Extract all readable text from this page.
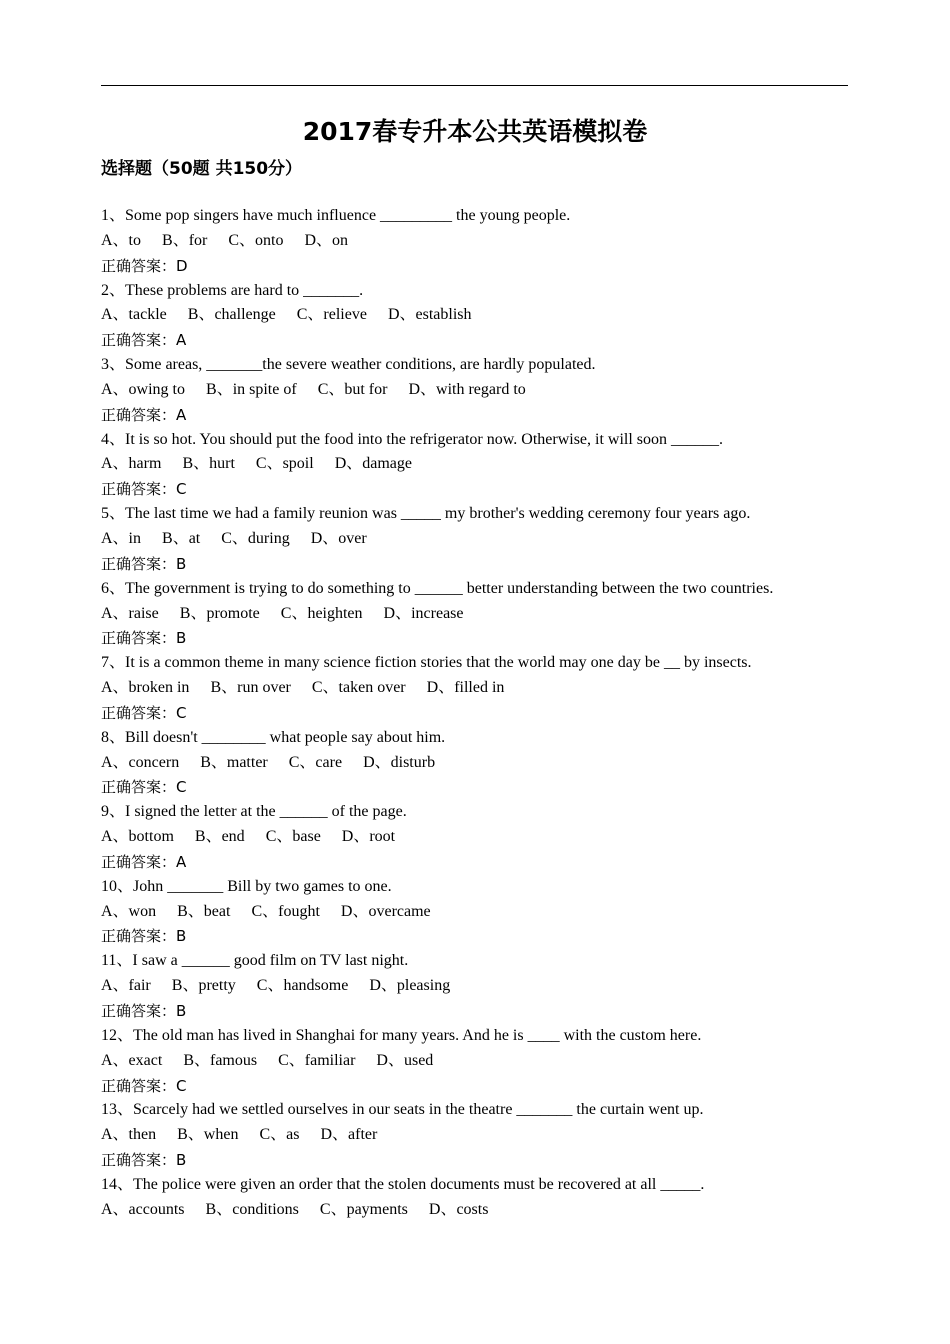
2017春专升本公共英语模拟卷
选择题（50题 共150分）
1、Some pop singers have much influence _________ the young people.
A、to B、for C、onto D、on
正确答案：D
2、These problems are hard to _______.
A、tackle B、challenge C、relieve D、establish
正确答案：A
3、Some areas, _______the severe weather conditions, are hardly populated.
A、owing to B、in spite of C、but for D、with regard to
正确答案：A
4、It is so hot. You should put the food into the refrigerator now. Otherwise, it will soon ______.
A、harm B、hurt C、spoil D、damage
正确答案：C
5、The last time we had a family reunion was _____ my brother's wedding ceremony four years ago.
A、in B、at C、during D、over
正确答案：B
6、The government is trying to do something to ______ better understanding between the two countries.
A、raise B、promote C、heighten D、increase
正确答案：B
7、It is a common theme in many science fiction stories that the world may one day be __ by insects.
A、broken in B、run over C、taken over D、filled in
正确答案：C
8、Bill doesn't ________ what people say about him.
A、concern B、matter C、care D、disturb
正确答案：C
9、I signed the letter at the ______ of the page.
A、bottom B、end C、base D、root
正确答案：A
10、John _______ Bill by two games to one.
A、won B、beat C、fought D、overcame
正确答案：B
11、I saw a ______ good film on TV last night.
A、fair B、pretty C、handsome D、pleasing
正确答案：B
12、The old man has lived in Shanghai for many years. And he is ____ with the custom here.
A、exact B、famous C、familiar D、used
正确答案：C
13、Scarcely had we settled ourselves in our seats in the theatre _______ the curtain went up.
A、then B、when C、as D、after
正确答案：B
14、The police were given an order that the stolen documents must be recovered at all _____.
A、accounts B、conditions C、payments D、costs
